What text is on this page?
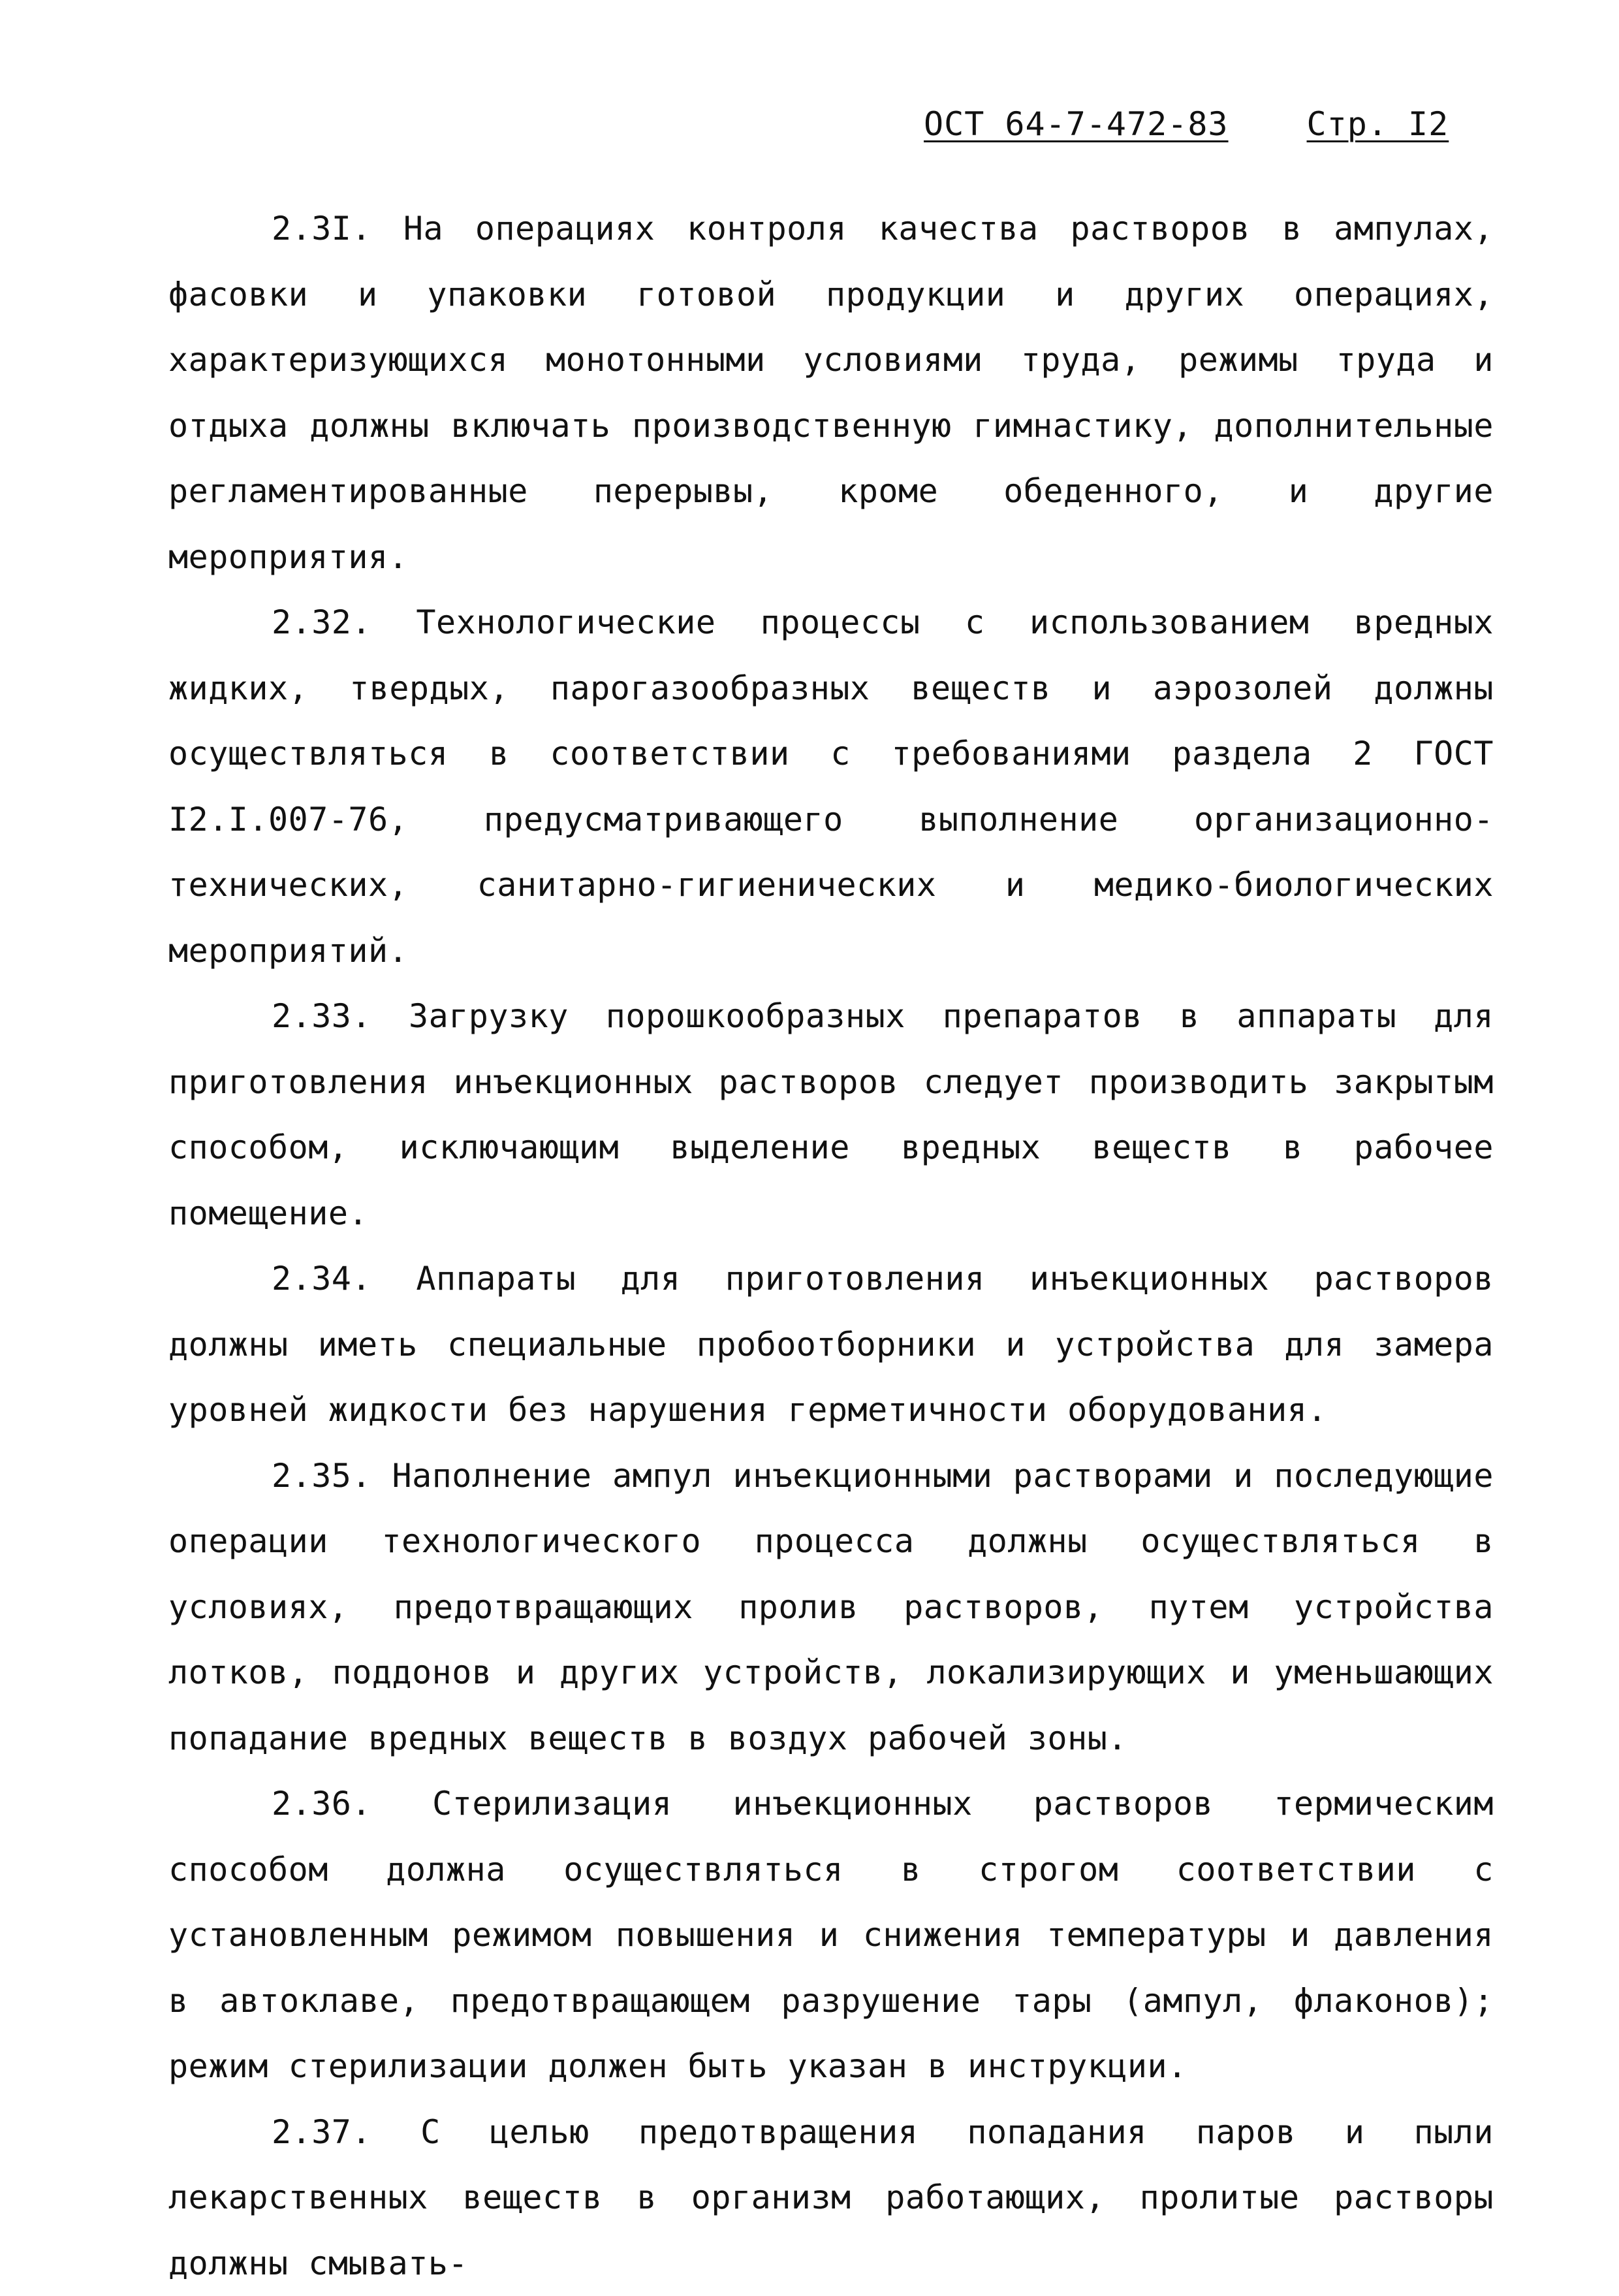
ОСТ 64-7-472-83 Стр. I2

2.3I. На операциях контроля качества растворов в ампулах, фасовки и упаковки готовой продукции и других операциях, характеризующихся монотонными условиями труда, режимы труда и отдыха должны включать производственную гимнастику, дополнительные регламентированные перерывы, кроме обеденного, и другие мероприятия.

2.32. Технологические процессы с использованием вредных жидких, твердых, парогазообразных веществ и аэрозолей должны осуществляться в соответствии с требованиями раздела 2 ГОСТ I2.I.007-76, предусматривающего выполнение организационно-технических, санитарно-гигиенических и медико-биологических мероприятий.

2.33. Загрузку порошкообразных препаратов в аппараты для приготовления инъекционных растворов следует производить закрытым способом, исключающим выделение вредных веществ в рабочее помещение.

2.34. Аппараты для приготовления инъекционных растворов должны иметь специальные пробоотборники и устройства для замера уровней жидкости без нарушения герметичности оборудования.

2.35. Наполнение ампул инъекционными растворами и последующие операции технологического процесса должны осуществляться в условиях, предотвращающих пролив растворов, путем устройства лотков, поддонов и других устройств, локализирующих и уменьшающих попадание вредных веществ в воздух рабочей зоны.

2.36. Стерилизация инъекционных растворов термическим способом должна осуществляться в строгом соответствии с установленным режимом повышения и снижения температуры и давления в автоклаве, предотвращающем разрушение тары (ампул, флаконов); режим стерилизации должен быть указан в инструкции.

2.37. С целью предотвращения попадания паров и пыли лекарственных веществ в организм работающих, пролитые растворы должны смывать-
